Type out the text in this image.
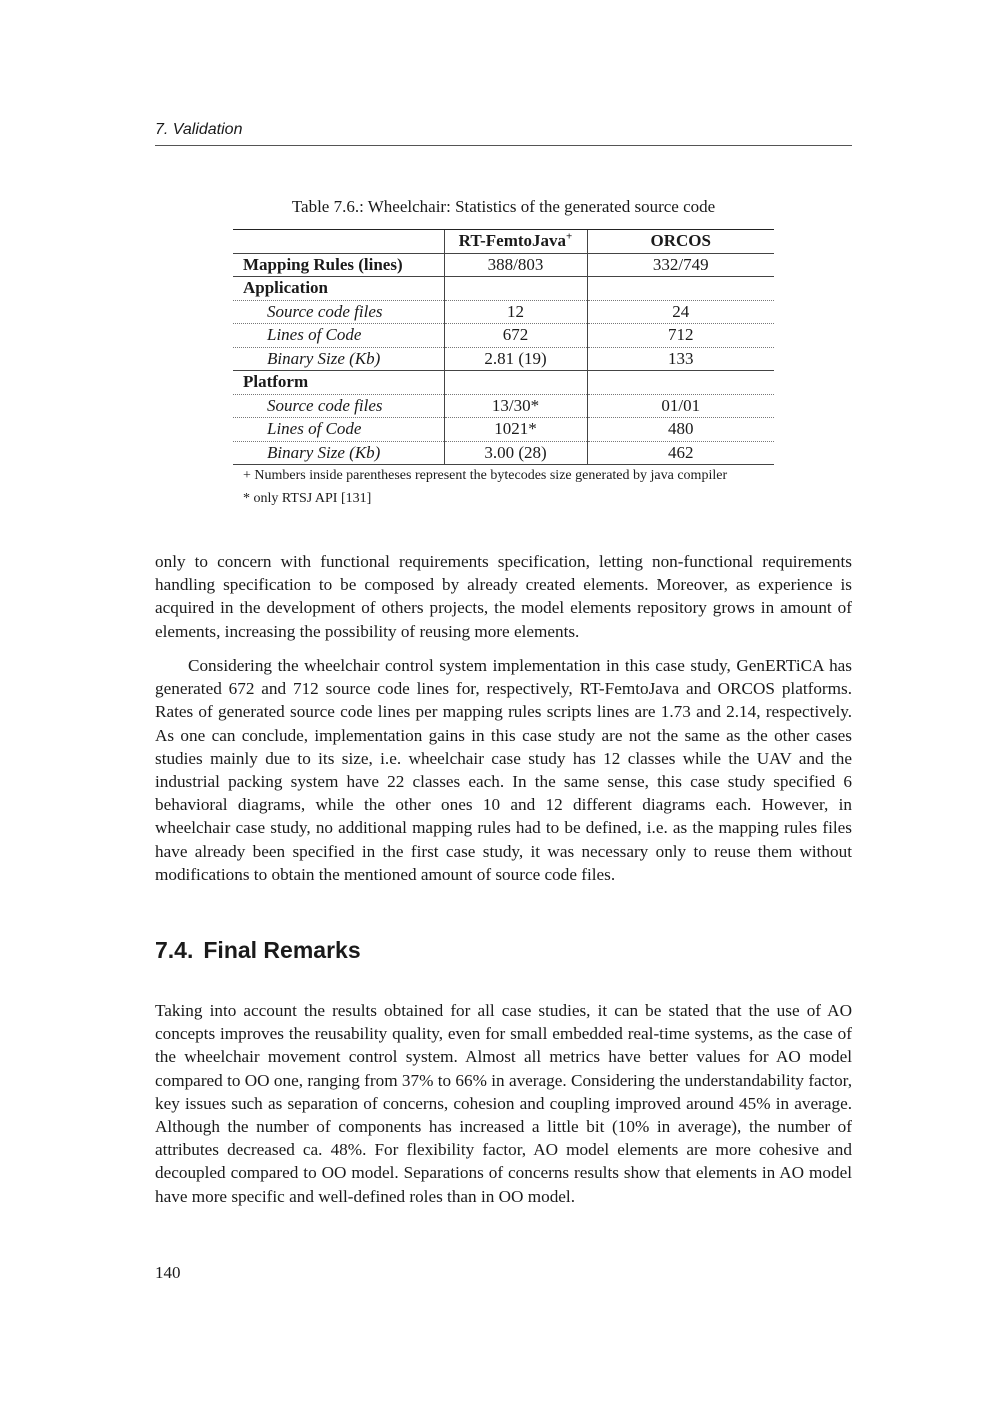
7. Validation
Table 7.6.: Wheelchair: Statistics of the generated source code
	RT-FemtoJava+	ORCOS
Mapping Rules (lines)	388/803	332/749
Application		
Source code files	12	24
Lines of Code	672	712
Binary Size (Kb)	2.81 (19)	133
Platform		
Source code files	13/30*	01/01
Lines of Code	1021*	480
Binary Size (Kb)	3.00 (28)	462
+ Numbers inside parentheses represent the bytecodes size generated by java compiler
* only RTSJ API [131]

only to concern with functional requirements specification, letting non-functional requirements handling specification to be composed by already created elements. Moreover, as experience is acquired in the development of others projects, the model elements repository grows in amount of elements, increasing the possibility of reusing more elements.

Considering the wheelchair control system implementation in this case study, GenERTiCA has generated 672 and 712 source code lines for, respectively, RT-FemtoJava and ORCOS platforms. Rates of generated source code lines per mapping rules scripts lines are 1.73 and 2.14, respectively. As one can conclude, implementation gains in this case study are not the same as the other cases studies mainly due to its size, i.e. wheelchair case study has 12 classes while the UAV and the industrial packing system have 22 classes each. In the same sense, this case study specified 6 behavioral diagrams, while the other ones 10 and 12 different diagrams each. However, in wheelchair case study, no additional mapping rules had to be defined, i.e. as the mapping rules files have already been specified in the first case study, it was necessary only to reuse them without modifications to obtain the mentioned amount of source code files.

7.4. Final Remarks

Taking into account the results obtained for all case studies, it can be stated that the use of AO concepts improves the reusability quality, even for small embedded real-time systems, as the case of the wheelchair movement control system. Almost all metrics have better values for AO model compared to OO one, ranging from 37% to 66% in average. Considering the understandability factor, key issues such as separation of concerns, cohesion and coupling improved around 45% in average. Although the number of components has increased a little bit (10% in average), the number of attributes decreased ca. 48%. For flexibility factor, AO model elements are more cohesive and decoupled compared to OO model. Separations of concerns results show that elements in AO model have more specific and well-defined roles than in OO model.

140
